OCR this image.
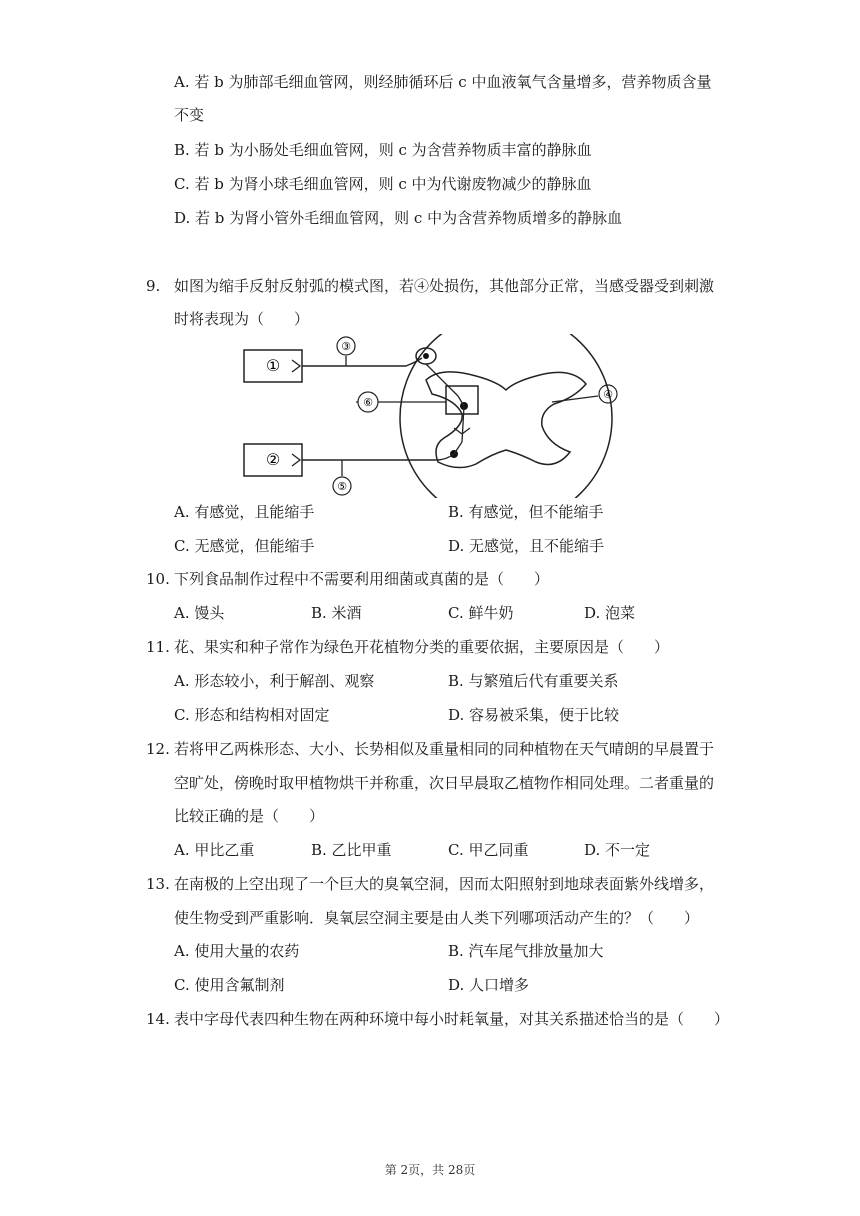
A. 若 b 为肺部毛细血管网，则经肺循环后 c 中血液氧气含量增多，营养物质含量
不变
B. 若 b 为小肠处毛细血管网，则 c 为含营养物质丰富的静脉血
C. 若 b 为肾小球毛细血管网，则 c 中为代谢废物减少的静脉血
D. 若 b 为肾小管外毛细血管网，则 c 中为含营养物质增多的静脉血
9. 如图为缩手反射反射弧的模式图，若④处损伤，其他部分正常，当感受器受到刺激
时将表现为（　　）
①
②
③
⑥
⑤
④
A. 有感觉，且能缩手	B. 有感觉，但不能缩手
C. 无感觉，但能缩手	D. 无感觉，且不能缩手
10. 下列食品制作过程中不需要利用细菌或真菌的是（　　）
A. 馒头	B. 米酒	C. 鲜牛奶	D. 泡菜
11. 花、果实和种子常作为绿色开花植物分类的重要依据，主要原因是（　　）
A. 形态较小，利于解剖、观察	B. 与繁殖后代有重要关系
C. 形态和结构相对固定	D. 容易被采集，便于比较
12. 若将甲乙两株形态、大小、长势相似及重量相同的同种植物在天气晴朗的早晨置于
空旷处，傍晚时取甲植物烘干并称重，次日早晨取乙植物作相同处理。二者重量的
比较正确的是（　　）
A. 甲比乙重	B. 乙比甲重	C. 甲乙同重	D. 不一定
13. 在南极的上空出现了一个巨大的臭氧空洞，因而太阳照射到地球表面紫外线增多，
使生物受到严重影响．臭氧层空洞主要是由人类下列哪项活动产生的？（　　）
A. 使用大量的农药	B. 汽车尾气排放量加大
C. 使用含氟制剂	D. 人口增多
14. 表中字母代表四种生物在两种环境中每小时耗氧量，对其关系描述恰当的是（　　）
第 2页，共 28页
